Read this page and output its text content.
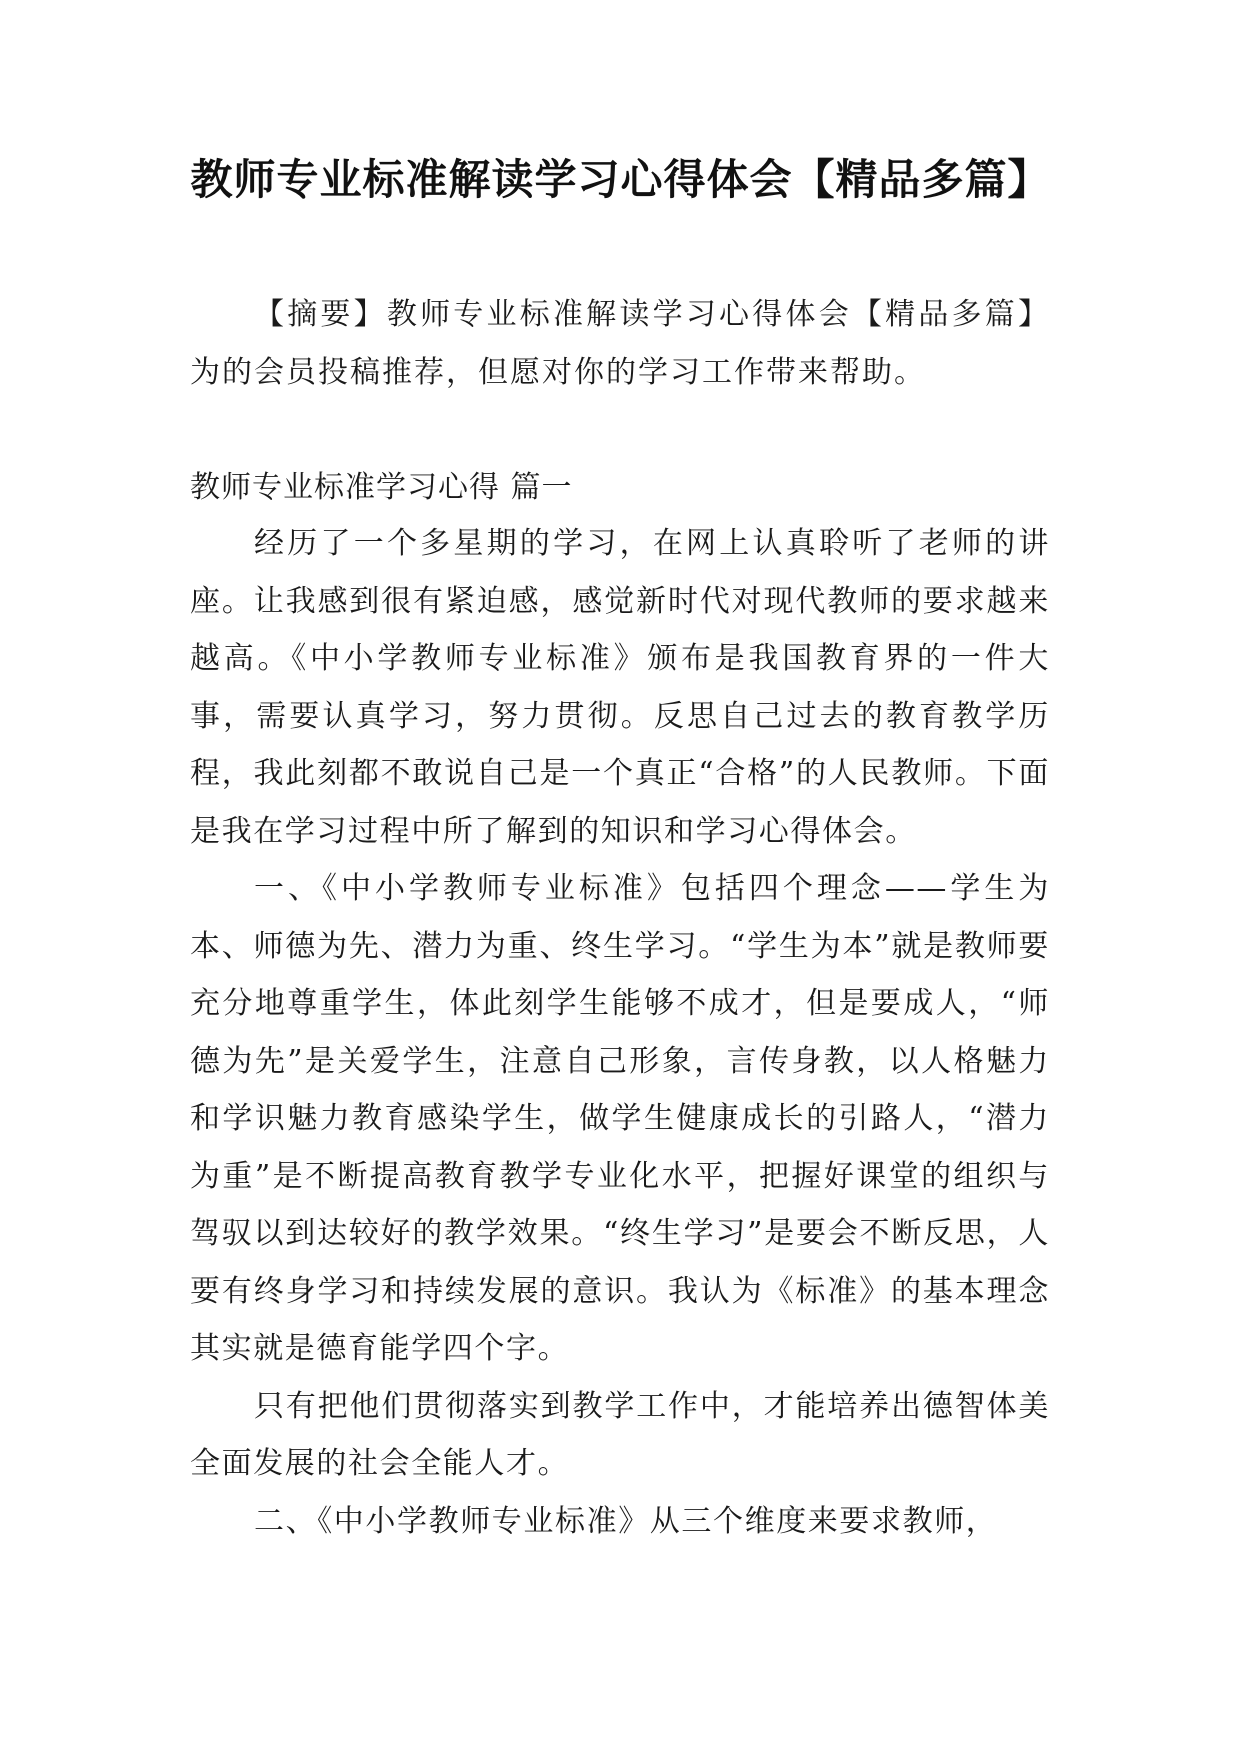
教师专业标准解读学习心得体会【精品多篇】

【摘要】教师专业标准解读学习心得体会【精品多篇】为的会员投稿推荐，但愿对你的学习工作带来帮助。

教师专业标准学习心得 篇一

经历了一个多星期的学习，在网上认真聆听了老师的讲座。让我感到很有紧迫感，感觉新时代对现代教师的要求越来越高。《中小学教师专业标准》颁布是我国教育界的一件大事，需要认真学习，努力贯彻。反思自己过去的教育教学历程，我此刻都不敢说自己是一个真正“合格”的人民教师。下面是我在学习过程中所了解到的知识和学习心得体会。

一、《中小学教师专业标准》包括四个理念——学生为本、师德为先、潜力为重、终生学习。“学生为本”就是教师要充分地尊重学生，体此刻学生能够不成才，但是要成人，“师德为先”是关爱学生，注意自己形象，言传身教，以人格魅力和学识魅力教育感染学生，做学生健康成长的引路人，“潜力为重”是不断提高教育教学专业化水平，把握好课堂的组织与驾驭以到达较好的教学效果。“终生学习”是要会不断反思，人要有终身学习和持续发展的意识。我认为《标准》的基本理念其实就是德育能学四个字。

只有把他们贯彻落实到教学工作中，才能培养出德智体美全面发展的社会全能人才。

二、《中小学教师专业标准》从三个维度来要求教师，
